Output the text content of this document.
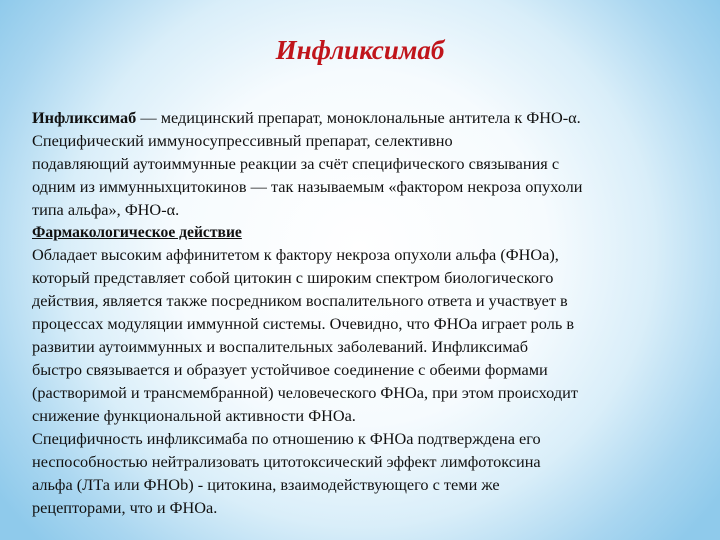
Инфликсимаб

Инфликсимаб — медицинский препарат, моноклональные антитела к ФНО-α.
Специфический иммуносупрессивный препарат, селективно
подавляющий аутоиммунные реакции за счёт специфического связывания с
одним из иммунныхцитокинов — так называемым «фактором некроза опухоли
типа альфа», ФНО-α.

Фармакологическое действие

Обладает высоким аффинитетом к фактору некроза опухоли альфа (ФНОа),
который представляет собой цитокин с широким спектром биологического
действия, является также посредником воспалительного ответа и участвует в
процессах модуляции иммунной системы. Очевидно, что ФНОа играет роль в
развитии аутоиммунных и воспалительных заболеваний. Инфликсимаб
быстро связывается и образует устойчивое соединение с обеими формами
(растворимой и трансмембранной) человеческого ФНОа, при этом происходит
снижение функциональной активности ФНОа.
Специфичность инфликсимаба по отношению к ФНОа подтверждена его
неспособностью нейтрализовать цитотоксический эффект лимфотоксина
альфа (ЛТа или ФНОb) - цитокина, взаимодействующего с теми же
рецепторами, что и ФНОа.
